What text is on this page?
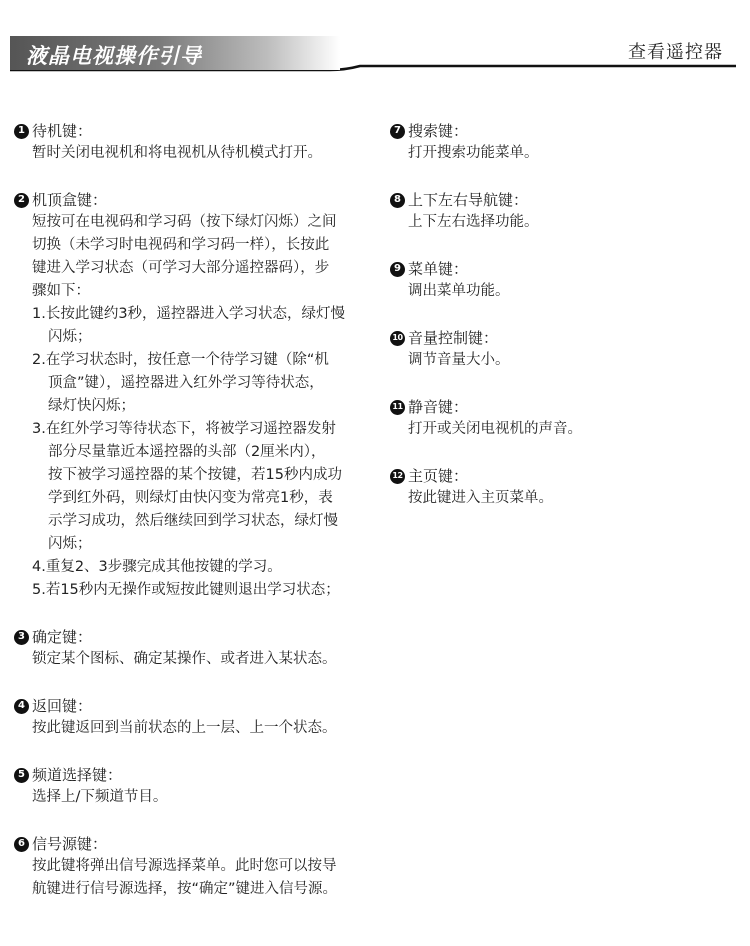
液晶电视操作引导	查看遥控器
1 待机键：
暂时关闭电视机和将电视机从待机模式打开。
2 机顶盒键：
短按可在电视码和学习码（按下绿灯闪烁）之间
切换（未学习时电视码和学习码一样），长按此
键进入学习状态（可学习大部分遥控器码），步
骤如下：
1.长按此键约3秒，遥控器进入学习状态，绿灯慢
闪烁；
2.在学习状态时，按任意一个待学习键（除“机
顶盒”键），遥控器进入红外学习等待状态，
绿灯快闪烁；
3.在红外学习等待状态下，将被学习遥控器发射
部分尽量靠近本遥控器的头部（2厘米内），
按下被学习遥控器的某个按键，若15秒内成功
学到红外码，则绿灯由快闪变为常亮1秒，表
示学习成功，然后继续回到学习状态，绿灯慢
闪烁；
4.重复2、3步骤完成其他按键的学习。
5.若15秒内无操作或短按此键则退出学习状态；
3 确定键：
锁定某个图标、确定某操作、或者进入某状态。
4 返回键：
按此键返回到当前状态的上一层、上一个状态。
5 频道选择键：
选择上/下频道节目。
6 信号源键：
按此键将弹出信号源选择菜单。此时您可以按导
航键进行信号源选择，按“确定”键进入信号源。
7 搜索键：
打开搜索功能菜单。
8 上下左右导航键：
上下左右选择功能。
9 菜单键：
调出菜单功能。
10 音量控制键：
调节音量大小。
11 静音键：
打开或关闭电视机的声音。
12 主页键：
按此键进入主页菜单。
